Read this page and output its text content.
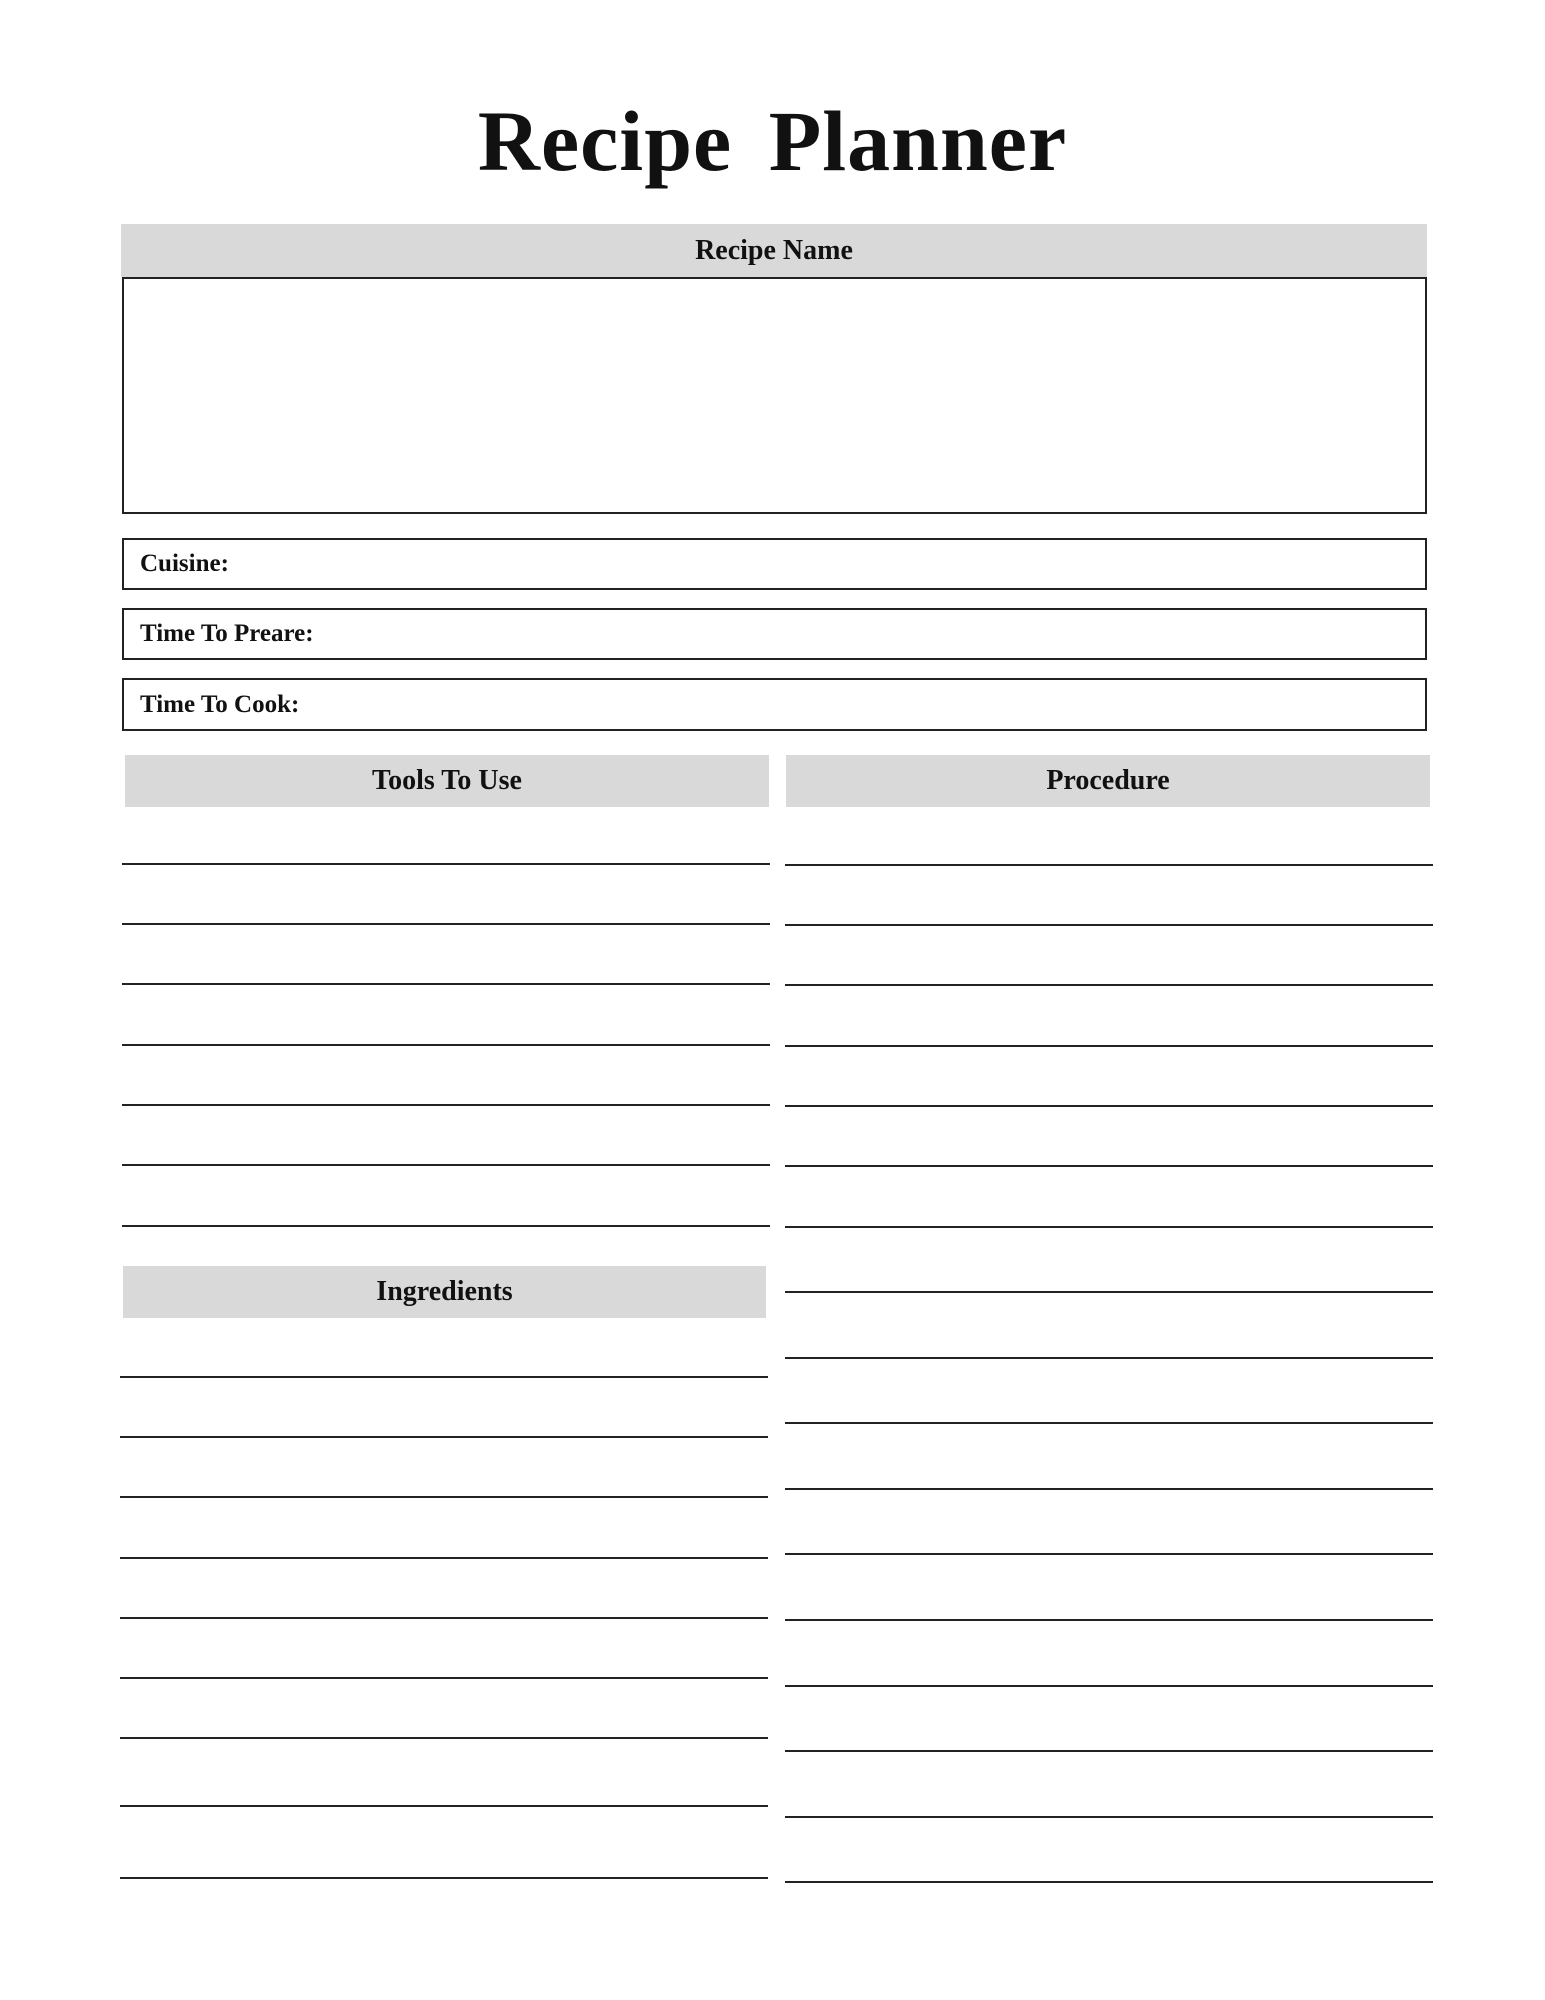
Recipe Planner
Recipe Name
Cuisine:
Time To Preare:
Time To Cook:
Tools To Use	Procedure
Ingredients
